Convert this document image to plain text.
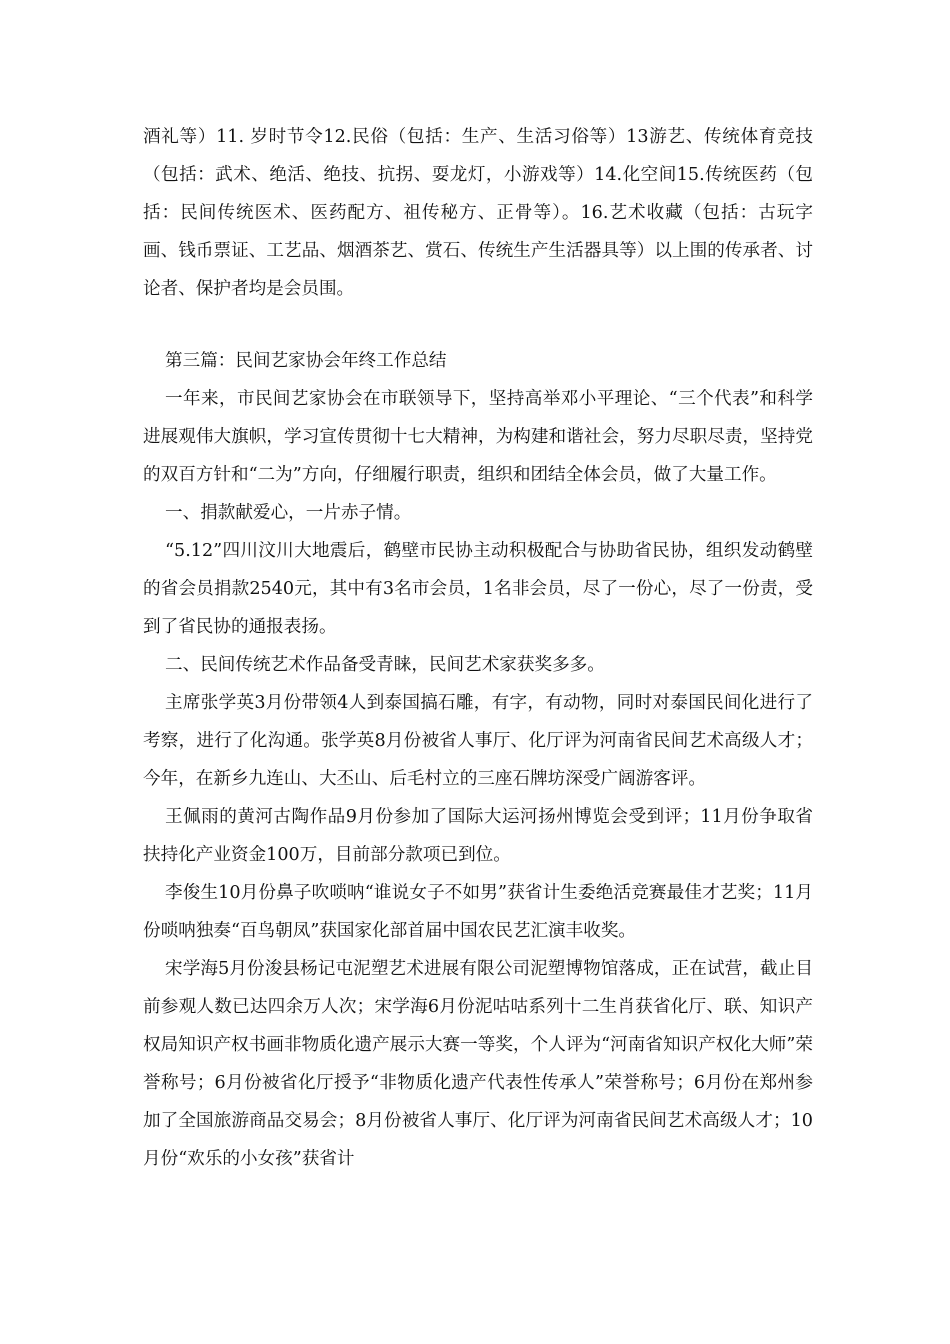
酒礼等）11. 岁时节令12.民俗（包括：生产、生活习俗等）13游艺、传统体育竞技（包括：武术、绝活、绝技、抗拐、耍龙灯，小游戏等）14.化空间15.传统医药（包括：民间传统医术、医药配方、祖传秘方、正骨等）。16.艺术收藏（包括：古玩字画、钱币票证、工艺品、烟酒茶艺、赏石、传统生产生活器具等）以上围的传承者、讨论者、保护者均是会员围。

第三篇：民间艺家协会年终工作总结

一年来，市民间艺家协会在市联领导下，坚持高举邓小平理论、“三个代表”和科学进展观伟大旗帜，学习宣传贯彻十七大精神，为构建和谐社会，努力尽职尽责，坚持党的双百方针和“二为”方向，仔细履行职责，组织和团结全体会员，做了大量工作。

一、捐款献爱心，一片赤子情。

“5.12”四川汶川大地震后，鹤壁市民协主动积极配合与协助省民协，组织发动鹤壁的省会员捐款2540元，其中有3名市会员，1名非会员，尽了一份心，尽了一份责，受到了省民协的通报表扬。

二、民间传统艺术作品备受青睐，民间艺术家获奖多多。

主席张学英3月份带领4人到泰国搞石雕，有字，有动物，同时对泰国民间化进行了考察，进行了化沟通。张学英8月份被省人事厅、化厅评为河南省民间艺术高级人才；今年，在新乡九连山、大丕山、后毛村立的三座石牌坊深受广阔游客评。

王佩雨的黄河古陶作品9月份参加了国际大运河扬州博览会受到评；11月份争取省扶持化产业资金100万，目前部分款项已到位。

李俊生10月份鼻子吹唢呐“谁说女子不如男”获省计生委绝活竞赛最佳才艺奖；11月份唢呐独奏“百鸟朝凤”获国家化部首届中国农民艺汇演丰收奖。

宋学海5月份浚县杨记屯泥塑艺术进展有限公司泥塑博物馆落成，正在试营，截止目前参观人数已达四余万人次；宋学海6月份泥咕咕系列十二生肖获省化厅、联、知识产权局知识产权书画非物质化遗产展示大赛一等奖，个人评为“河南省知识产权化大师”荣誉称号；6月份被省化厅授予“非物质化遗产代表性传承人”荣誉称号；6月份在郑州参加了全国旅游商品交易会；8月份被省人事厅、化厅评为河南省民间艺术高级人才；10月份“欢乐的小女孩”获省计
